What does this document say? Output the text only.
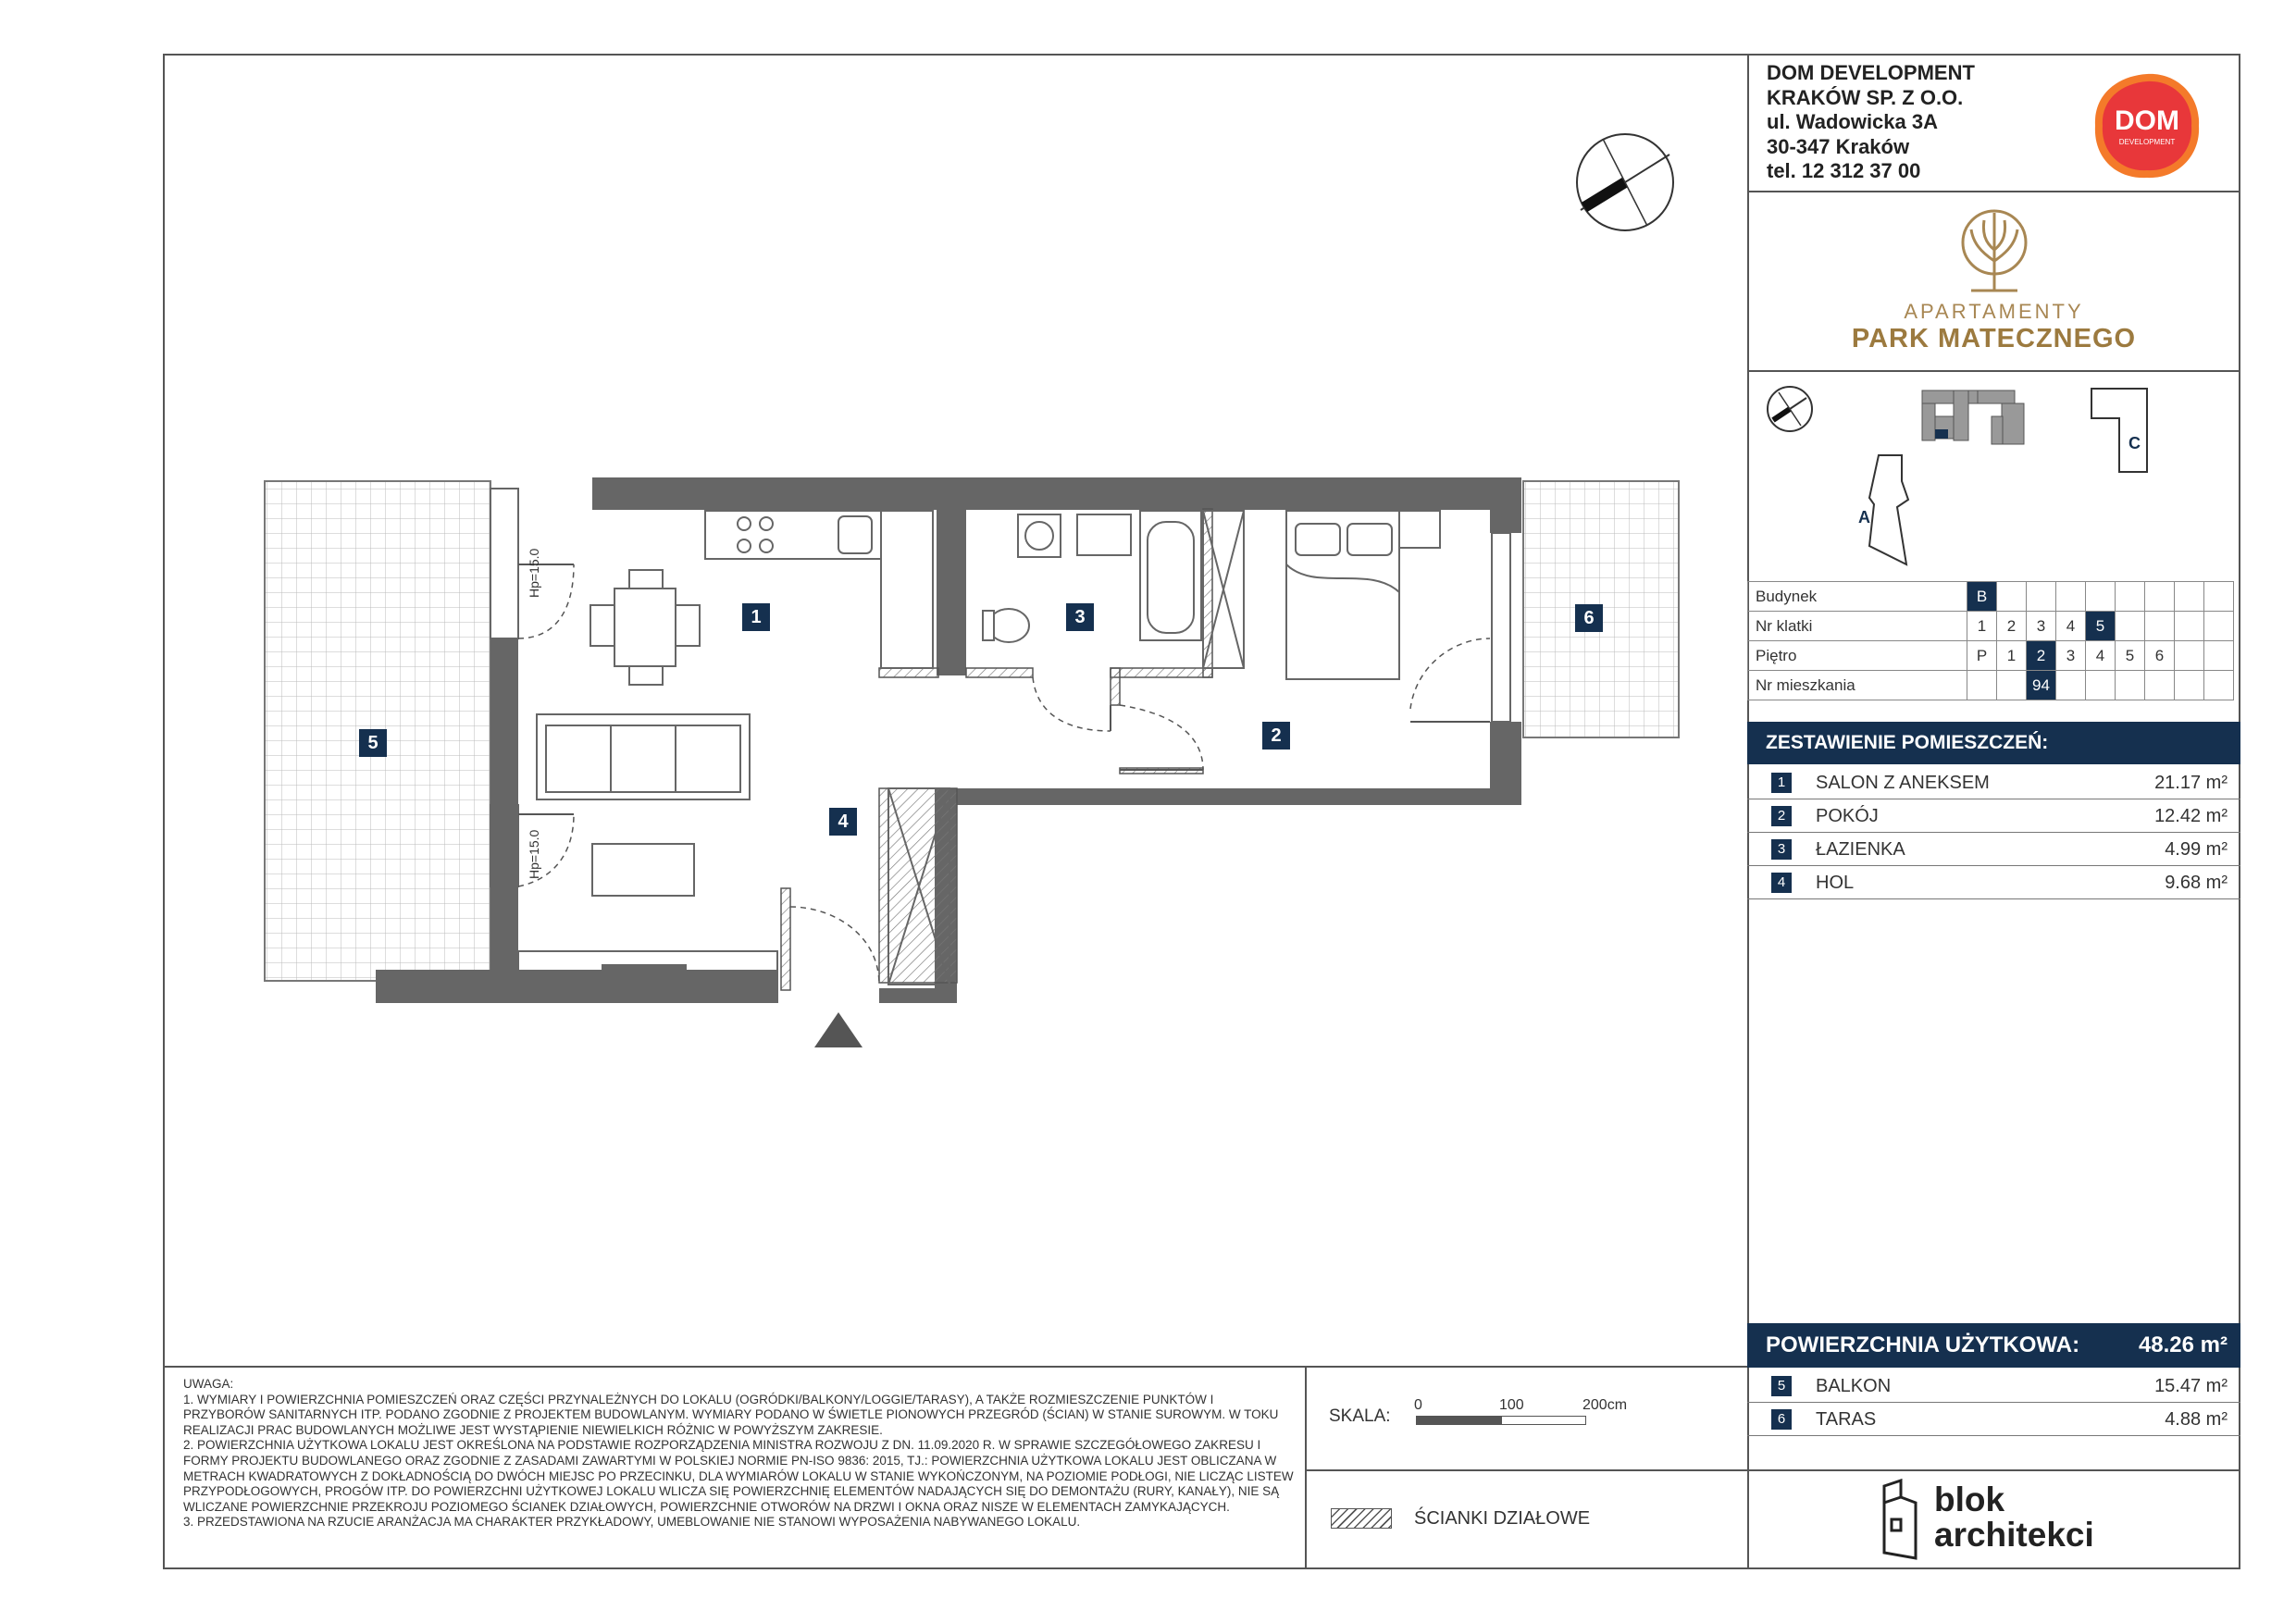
DOM DEVELOPMENT
KRAKÓW SP. Z O.O.
ul. Wadowicka 3A
30-347 Kraków
tel. 12 312 37 00
DOM
DEVELOPMENT
APARTAMENTY
PARK MATECZNEGO
A
C
Budynek	B								
Nr klatki	1	2	3	4	5				
Piętro	P	1	2	3	4	5	6		
Nr mieszkania			94						
ZESTAWIENIE POMIESZCZEŃ:
1	SALON Z ANEKSEM	21.17 m²
2	POKÓJ	12.42 m²
3	ŁAZIENKA	4.99 m²
4	HOL	9.68 m²
POWIERZCHNIA UŻYTKOWA:	48.26 m²
5	BALKON	15.47 m²
6	TARAS	4.88 m²

UWAGA:

1. WYMIARY I POWIERZCHNIA POMIESZCZEŃ ORAZ CZĘŚCI PRZYNALEŻNYCH DO LOKALU (OGRÓDKI/BALKONY/LOGGIE/TARASY), A TAKŻE ROZMIESZCZENIE PUNKTÓW I PRZYBORÓW SANITARNYCH ITP. PODANO ZGODNIE Z PROJEKTEM BUDOWLANYM. WYMIARY PODANO W ŚWIETLE PIONOWYCH PRZEGRÓD (ŚCIAN) W STANIE SUROWYM. W TOKU REALIZACJI PRAC BUDOWLANYCH MOŻLIWE JEST WYSTĄPIENIE NIEWIELKICH RÓŻNIC W POWYŻSZYM ZAKRESIE.

2. POWIERZCHNIA UŻYTKOWA LOKALU JEST OKREŚLONA NA PODSTAWIE ROZPORZĄDZENIA MINISTRA ROZWOJU Z DN. 11.09.2020 R. W SPRAWIE SZCZEGÓŁOWEGO ZAKRESU I FORMY PROJEKTU BUDOWLANEGO ORAZ ZGODNIE Z ZASADAMI ZAWARTYMI W POLSKIEJ NORMIE PN-ISO 9836: 2015, TJ.: POWIERZCHNIA UŻYTKOWA LOKALU JEST OBLICZANA W METRACH KWADRATOWYCH Z DOKŁADNOŚCIĄ DO DWÓCH MIEJSC PO PRZECINKU, DLA WYMIARÓW LOKALU W STANIE WYKOŃCZONYM, NA POZIOMIE PODŁOGI, NIE LICZĄC LISTEW PRZYPODŁOGOWYCH, PROGÓW ITP. DO POWIERZCHNI UŻYTKOWEJ LOKALU WLICZA SIĘ POWIERZCHNIĘ ELEMENTÓW NADAJĄCYCH SIĘ DO DEMONTAŻU (RURY, KANAŁY), NIE SĄ WLICZANE POWIERZCHNIE PRZEKROJU POZIOMEGO ŚCIANEK DZIAŁOWYCH, POWIERZCHNIE OTWORÓW NA DRZWI I OKNA ORAZ NISZE W ELEMENTACH ZAMYKAJĄCYCH.

3. PRZEDSTAWIONA NA RZUCIE ARANŻACJA MA CHARAKTER PRZYKŁADOWY, UMEBLOWANIE NIE STANOWI WYPOSAŻENIA NABYWANEGO LOKALU.

SKALA:
0	100	200cm
ŚCIANKI DZIAŁOWE	blok
architekci
Hp=15.0
Hp=15.0
1
2
3
4
5
6
